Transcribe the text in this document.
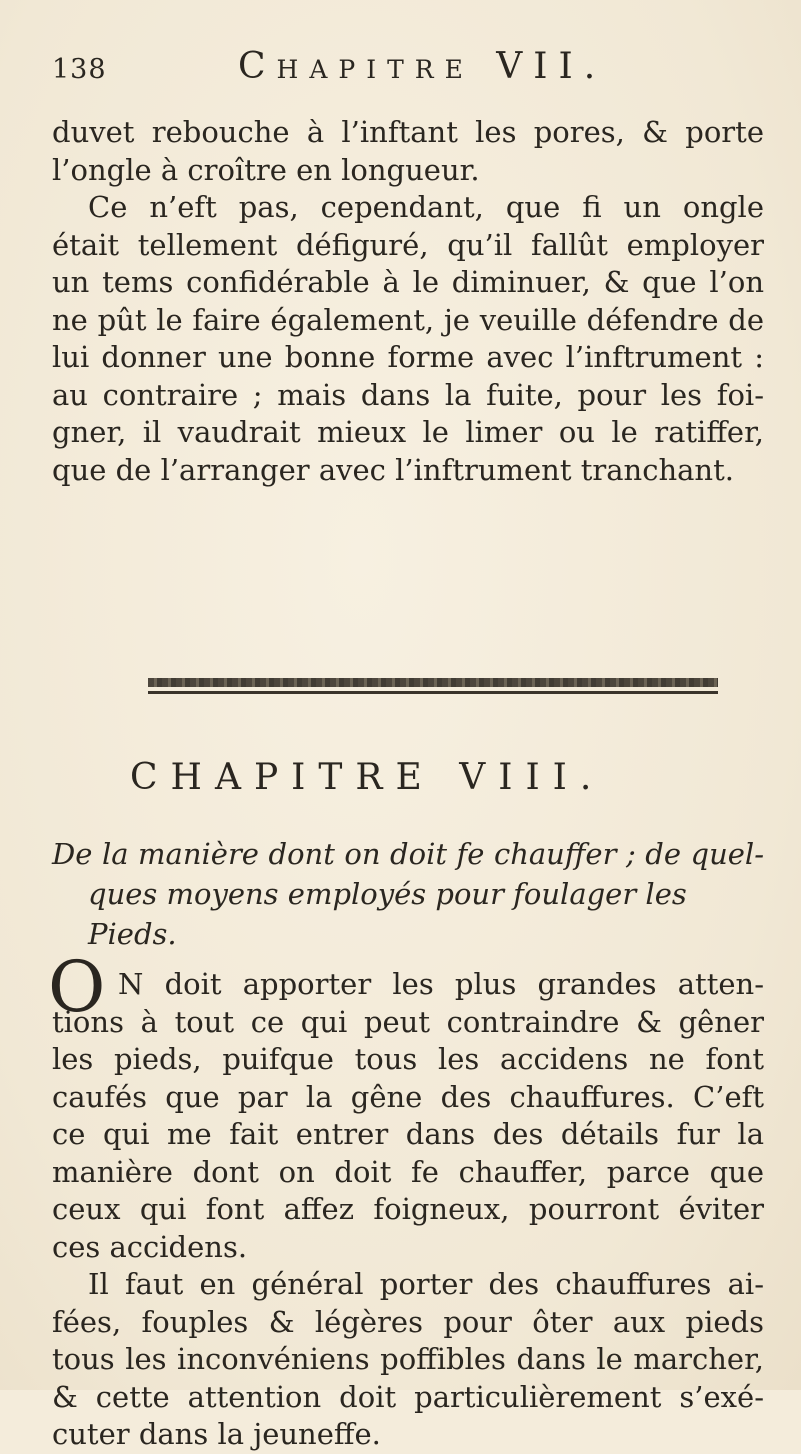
138	Chapitre VII.
duvet rebouche à l’inftant les pores, & porte
l’ongle à croître en longueur.
Ce n’eft pas, cependant, que fi un ongle
était tellement défiguré, qu’il fallût employer
un tems confidérable à le diminuer, & que l’on
ne pût le faire également, je veuille défendre de
lui donner une bonne forme avec l’inftrument :
au contraire ; mais dans la fuite, pour les foi-
gner, il vaudrait mieux le limer ou le ratiffer,
que de l’arranger avec l’inftrument tranchant.
CHAPITRE VIII.
De la manière dont on doit fe chauffer ; de quel-
ques moyens employés pour foulager les Pieds.
O N doit apporter les plus grandes atten-
tions à tout ce qui peut contraindre & gêner
les pieds, puifque tous les accidens ne font
caufés que par la gêne des chauffures. C’eft
ce qui me fait entrer dans des détails fur la
manière dont on doit fe chauffer, parce que
ceux qui font affez foigneux, pourront éviter
ces accidens.
Il faut en général porter des chauffures ai-
fées, fouples & légères pour ôter aux pieds
tous les inconvéniens poffibles dans le marcher,
& cette attention doit particulièrement s’exé-
cuter dans la jeuneffe.
